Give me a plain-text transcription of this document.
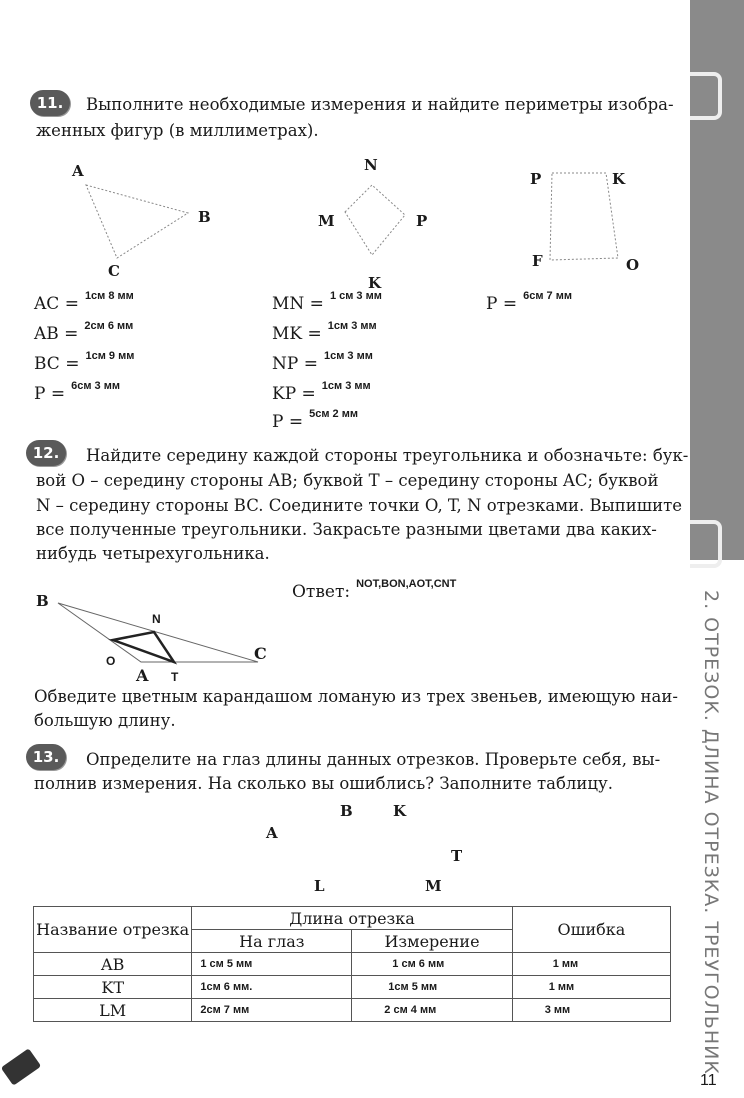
2. ОТРЕЗОК. ДЛИНА ОТРЕЗКА. ТРЕУГОЛЬНИК
11.	Выполните необходимые измерения и найдите периметры изобра-
женных фигур (в миллиметрах).
A
B
C
N
M	P
K
P	K
F	O
AC = $^{1см 8 мм}$
AB = $^{2см 6 мм}$
BC = $^{1см 9 мм}$
P = $^{6см 3 мм}$
MN = $^{1 см 3 мм}$
MK = $^{1см 3 мм}$
NP = $^{1см 3 мм}$
KP = $^{1см 3 мм}$
P = $^{5см 2 мм}$
P = $^{6см 7 мм}$
12.	Найдите середину каждой стороны треугольника и обозначьте: бук-
вой O – середину стороны AB; буквой T – середину стороны AC; буквой
N – середину стороны BC. Соедините точки O, T, N отрезками. Выпишите
все полученные треугольники. Закрасьте разными цветами два каких-
нибудь четырехугольника.
Ответ: $^{NOT,BON,AOT,CNT}$
B
N
O
A T
C
Обведите цветным карандашом ломаную из трех звеньев, имеющую наи-
большую длину.
13.	Определите на глаз длины данных отрезков. Проверьте себя, вы-
полнив измерения. На сколько вы ошиблись? Заполните таблицу.
B	K
A
T
L	M
Название отрезка	Длина отрезка		Ошибка
	На глаз	Измерение	
AB	1 см 5 мм	1 см 6 мм	1 мм
KT	1см 6 мм.	1см 5 мм	1 мм
LM	2см 7 мм	2 см 4 мм	3 мм
11
